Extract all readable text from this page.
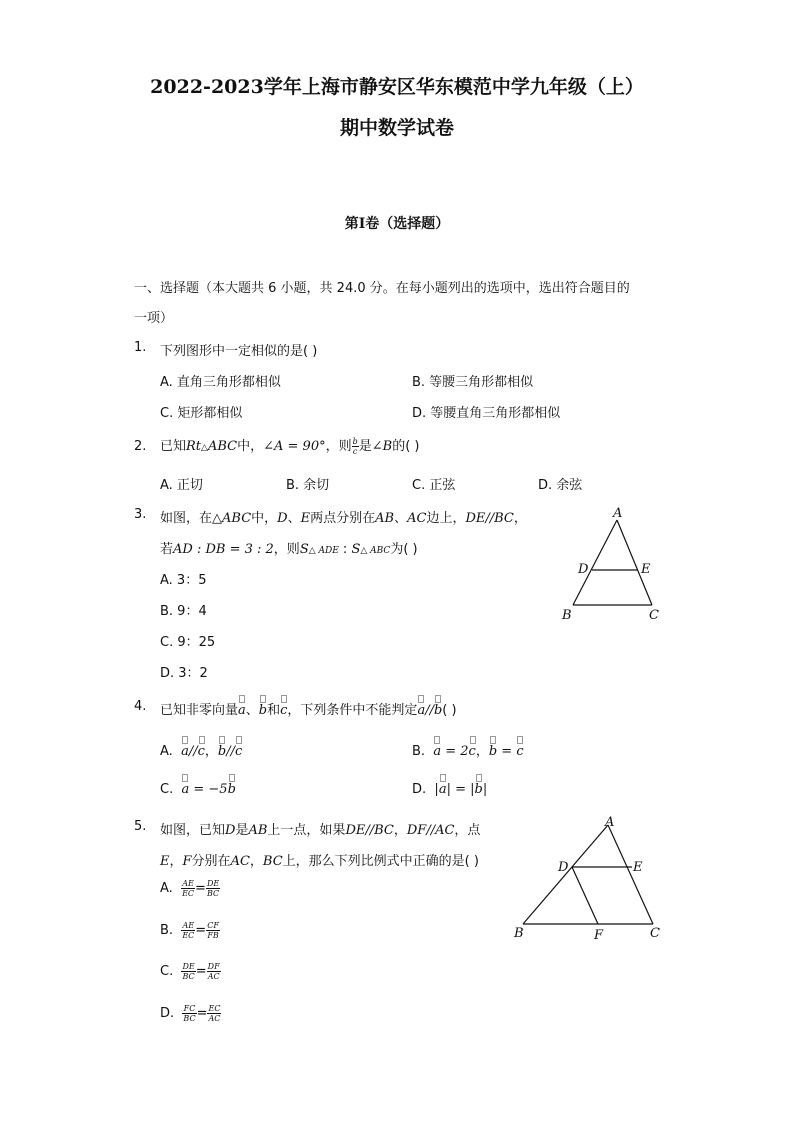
2022-2023学年上海市静安区华东模范中学九年级（上）
期中数学试卷
第I卷（选择题）
一、选择题（本大题共 6 小题，共 24.0 分。在每小题列出的选项中，选出符合题目的
一项）
1. 下列图形中一定相似的是( )
A. 直角三角形都相似	B. 等腰三角形都相似
C. 矩形都相似	D. 等腰直角三角形都相似
2. 已知Rt△ABC中，∠A = 90°，则 $\frac{b}{c}$ 是∠B的( )
A. 正切	B. 余切	C. 正弦	D. 余弦
3. 如图，在△ABC中，D、E两点分别在AB、AC边上，DE//BC，
若AD : DB = 3 : 2，则S△ ADE : S△ ABC为( )
A. 3：5
B. 9：4
C. 9：25
D. 3：2
A
D	E
B	C
4. 已知非零向量a、b和c，下列条件中不能判定a//b( )
A. a//c，b//c	B. a = 2c，b = c
C. a = −5b	D. |a| = |b|
5. 如图，已知D是AB上一点，如果DE//BC，DF//AC，点
E，F分别在AC，BC上，那么下列比例式中正确的是( )
A. $\frac{AE}{EC} = \frac{DE}{BC}$
B. $\frac{AE}{EC} = \frac{CF}{FB}$
C. $\frac{DE}{BC} = \frac{DF}{AC}$
D. $\frac{FC}{BC} = \frac{EC}{AC}$
A
D	E
B	F	C
